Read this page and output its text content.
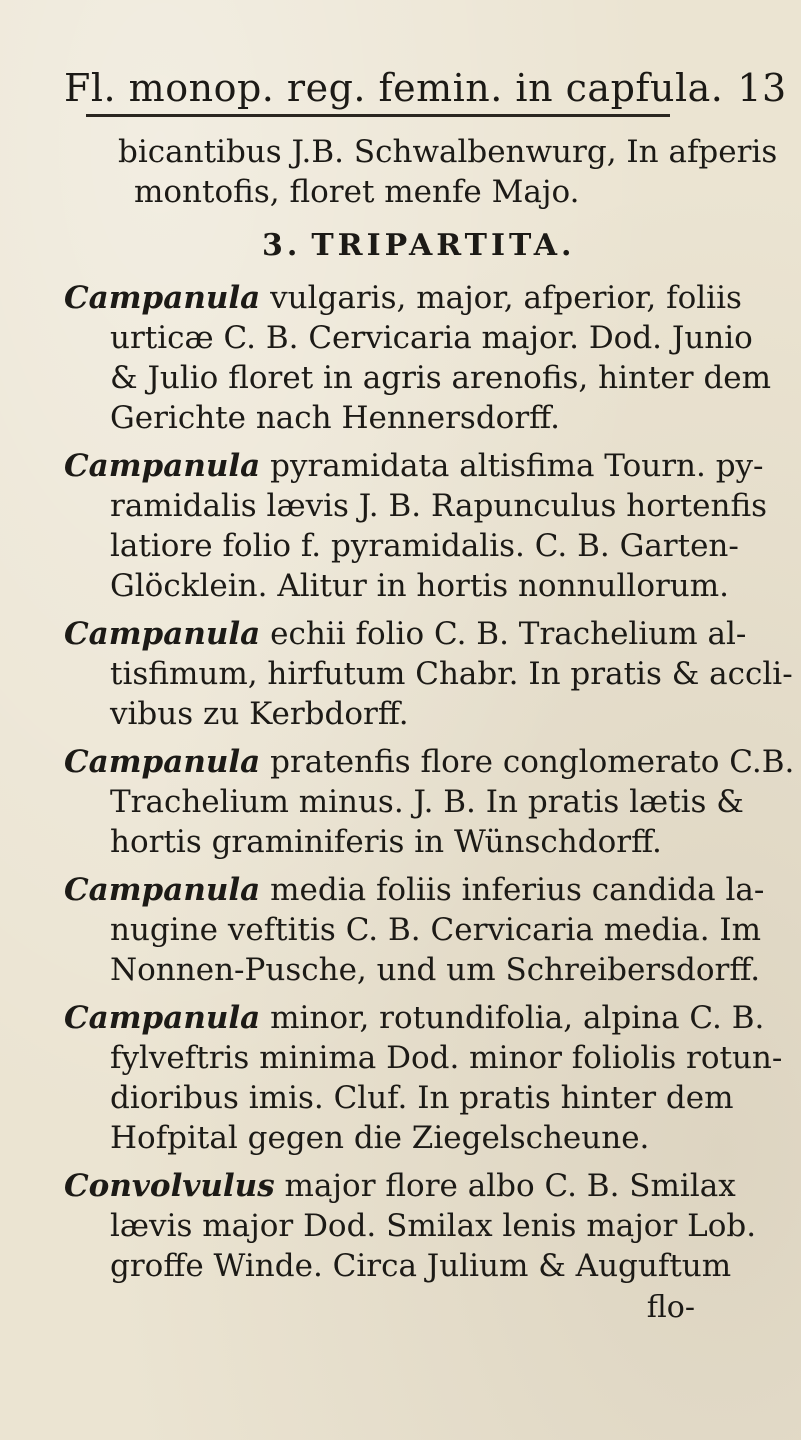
Fl. monop. reg. femin. in capfula. 13
bicantibus J.B. Schwalbenwurg, In afperis
montofis, floret menfe Majo.
3. TRIPARTITA.
Campanula vulgaris, major, afperior, foliis
urticæ C. B. Cervicaria major. Dod. Junio
& Julio floret in agris arenofis, hinter dem
Gerichte nach Hennersdorff.
Campanula pyramidata altisfima Tourn. py-
ramidalis lævis J. B. Rapunculus hortenfis
latiore folio f. pyramidalis. C. B. Garten-
Glöcklein. Alitur in hortis nonnullorum.
Campanula echii folio C. B. Trachelium al-
tisfimum, hirfutum Chabr. In pratis & accli-
vibus zu Kerbdorff.
Campanula pratenfis flore conglomerato C.B.
Trachelium minus. J. B. In pratis lætis &
hortis graminiferis in Wünschdorff.
Campanula media foliis inferius candida la-
nugine veftitis C. B. Cervicaria media. Im
Nonnen-Pusche, und um Schreibersdorff.
Campanula minor, rotundifolia, alpina C. B.
fylveftris minima Dod. minor foliolis rotun-
dioribus imis. Cluf. In pratis hinter dem
Hofpital gegen die Ziegelscheune.
Convolvulus major flore albo C. B. Smilax
lævis major Dod. Smilax lenis major Lob.
groffe Winde. Circa Julium & Auguftum
flo-
